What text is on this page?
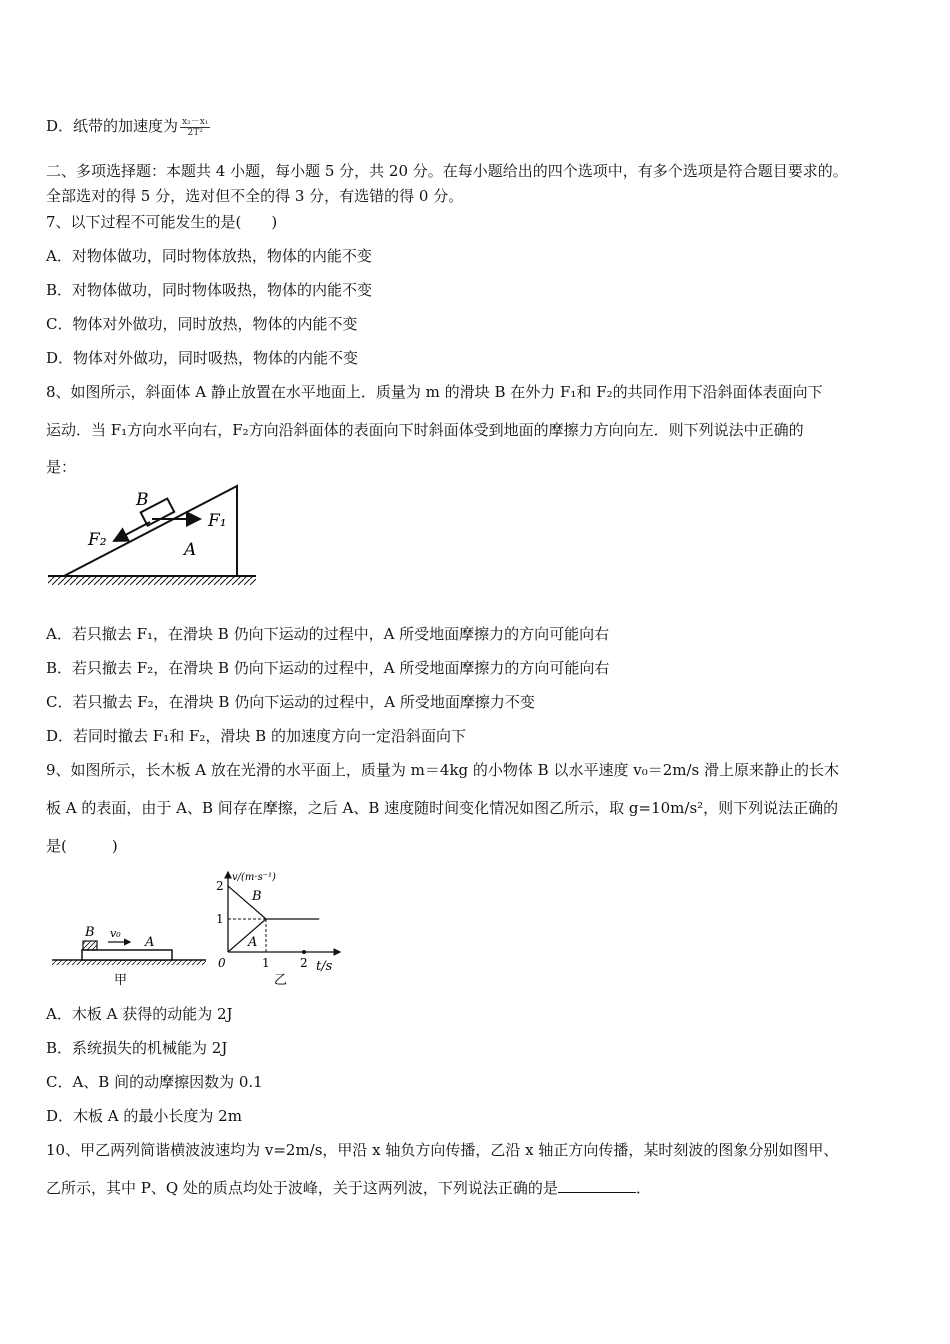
D．纸带的加速度为 $\frac{\text{x₂－x₁}}{\text{2T²}}$
二、多项选择题：本题共 4 小题，每小题 5 分，共 20 分。在每小题给出的四个选项中，有多个选项是符合题目要求的。
全部选对的得 5 分，选对但不全的得 3 分，有选错的得 0 分。
7、以下过程不可能发生的是(　　)
A．对物体做功，同时物体放热，物体的内能不变
B．对物体做功，同时物体吸热，物体的内能不变
C．物体对外做功，同时放热，物体的内能不变
D．物体对外做功，同时吸热，物体的内能不变
8、如图所示，斜面体 A 静止放置在水平地面上．质量为 m 的滑块 B 在外力 F₁和 F₂的共同作用下沿斜面体表面向下
运动．当 F₁方向水平向右，F₂方向沿斜面体的表面向下时斜面体受到地面的摩擦力方向向左．则下列说法中正确的
是：
B
F₁
F₂	A
A．若只撤去 F₁，在滑块 B 仍向下运动的过程中，A 所受地面摩擦力的方向可能向右
B．若只撤去 F₂，在滑块 B 仍向下运动的过程中，A 所受地面摩擦力的方向可能向右
C．若只撤去 F₂，在滑块 B 仍向下运动的过程中，A 所受地面摩擦力不变
D．若同时撤去 F₁和 F₂，滑块 B 的加速度方向一定沿斜面向下
9、如图所示，长木板 A 放在光滑的水平面上，质量为 m＝4kg 的小物体 B 以水平速度 v₀＝2m/s 滑上原来静止的长木
板 A 的表面，由于 A、B 间存在摩擦，之后 A、B 速度随时间变化情况如图乙所示，取 g=10m/s²，则下列说法正确的
是(　　　)
B v₀
A
甲
v/(m·s⁻¹)
t/s
0
2
1
1	2
B
A
乙
A．木板 A 获得的动能为 2J
B．系统损失的机械能为 2J
C．A、B 间的动摩擦因数为 0.1
D．木板 A 的最小长度为 2m
10、甲乙两列简谐横波波速均为 v=2m/s，甲沿 x 轴负方向传播，乙沿 x 轴正方向传播，某时刻波的图象分别如图甲、
乙所示，其中 P、Q 处的质点均处于波峰，关于这两列波，下列说法正确的是	．
